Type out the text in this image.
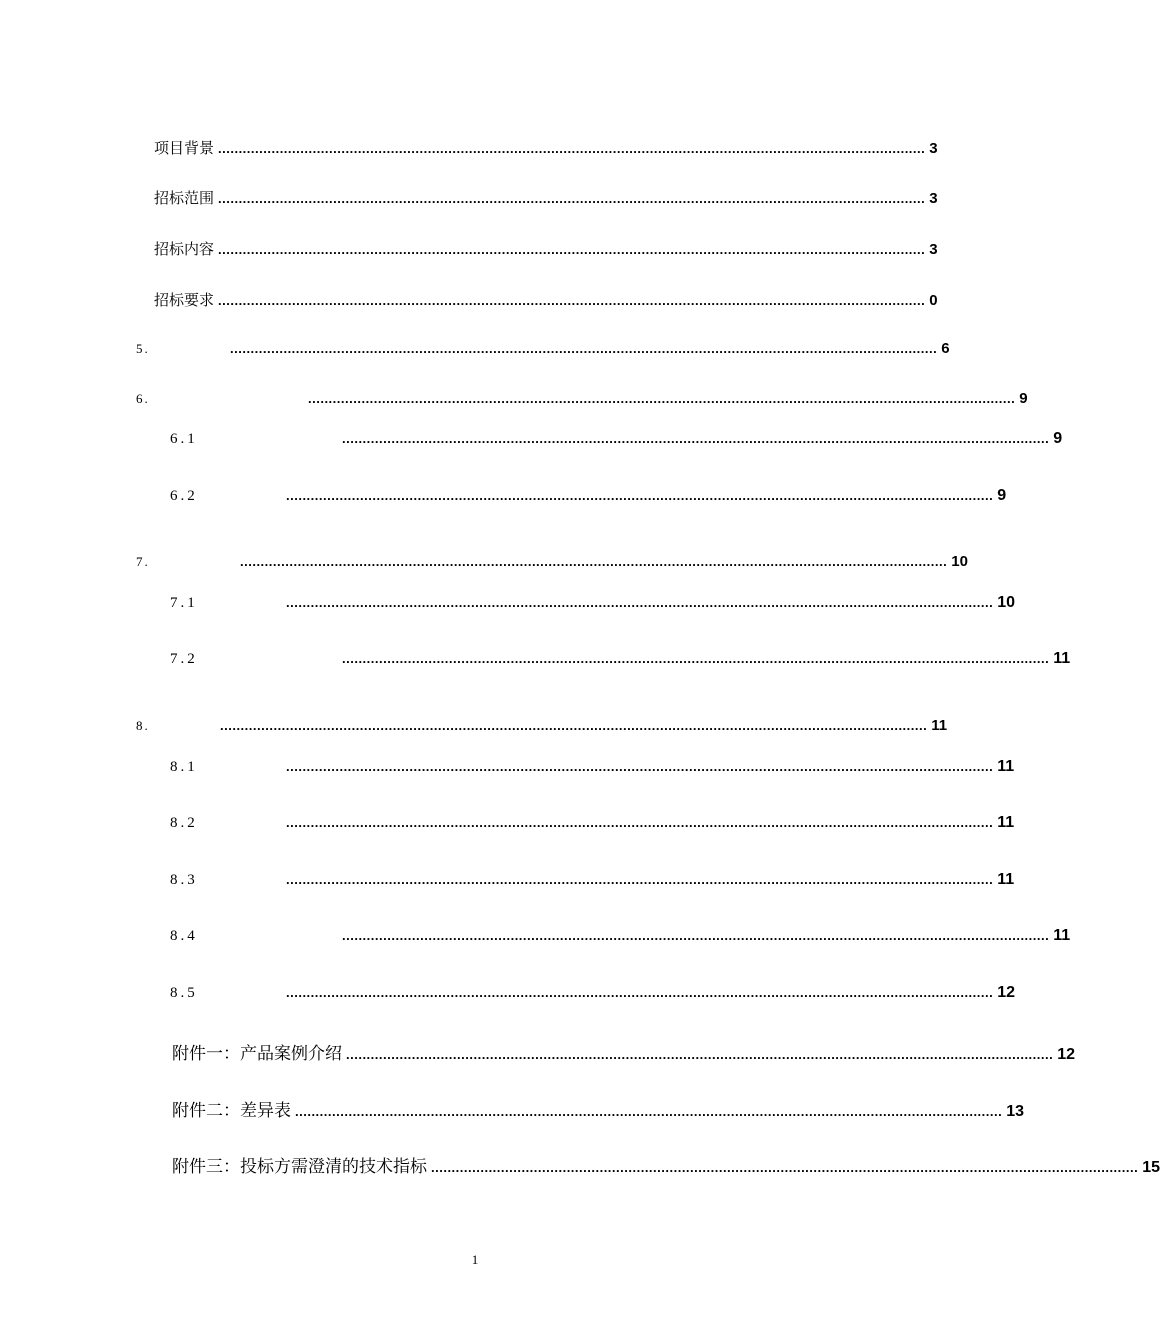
项目背景 ............................................................................................................................................................................ 3
招标范围 ............................................................................................................................................................................ 3
招标内容 ............................................................................................................................................................................ 3
招标要求 ............................................................................................................................................................................ 0
5.	............................................................................................................................................................................ 6
6.	............................................................................................................................................................................ 9
6.1	............................................................................................................................................................................ 9
6.2	............................................................................................................................................................................ 9
7.	............................................................................................................................................................................ 10
7.1	............................................................................................................................................................................ 10
7.2	............................................................................................................................................................................ 11
8.	............................................................................................................................................................................ 11
8.1	............................................................................................................................................................................ 11
8.2	............................................................................................................................................................................ 11
8.3	............................................................................................................................................................................ 11
8.4	............................................................................................................................................................................ 11
8.5	............................................................................................................................................................................ 12
附件一：产品案例介绍 ............................................................................................................................................................................ 12
附件二：差异表 ............................................................................................................................................................................ 13
附件三：投标方需澄清的技术指标 ............................................................................................................................................................................ 15
1
